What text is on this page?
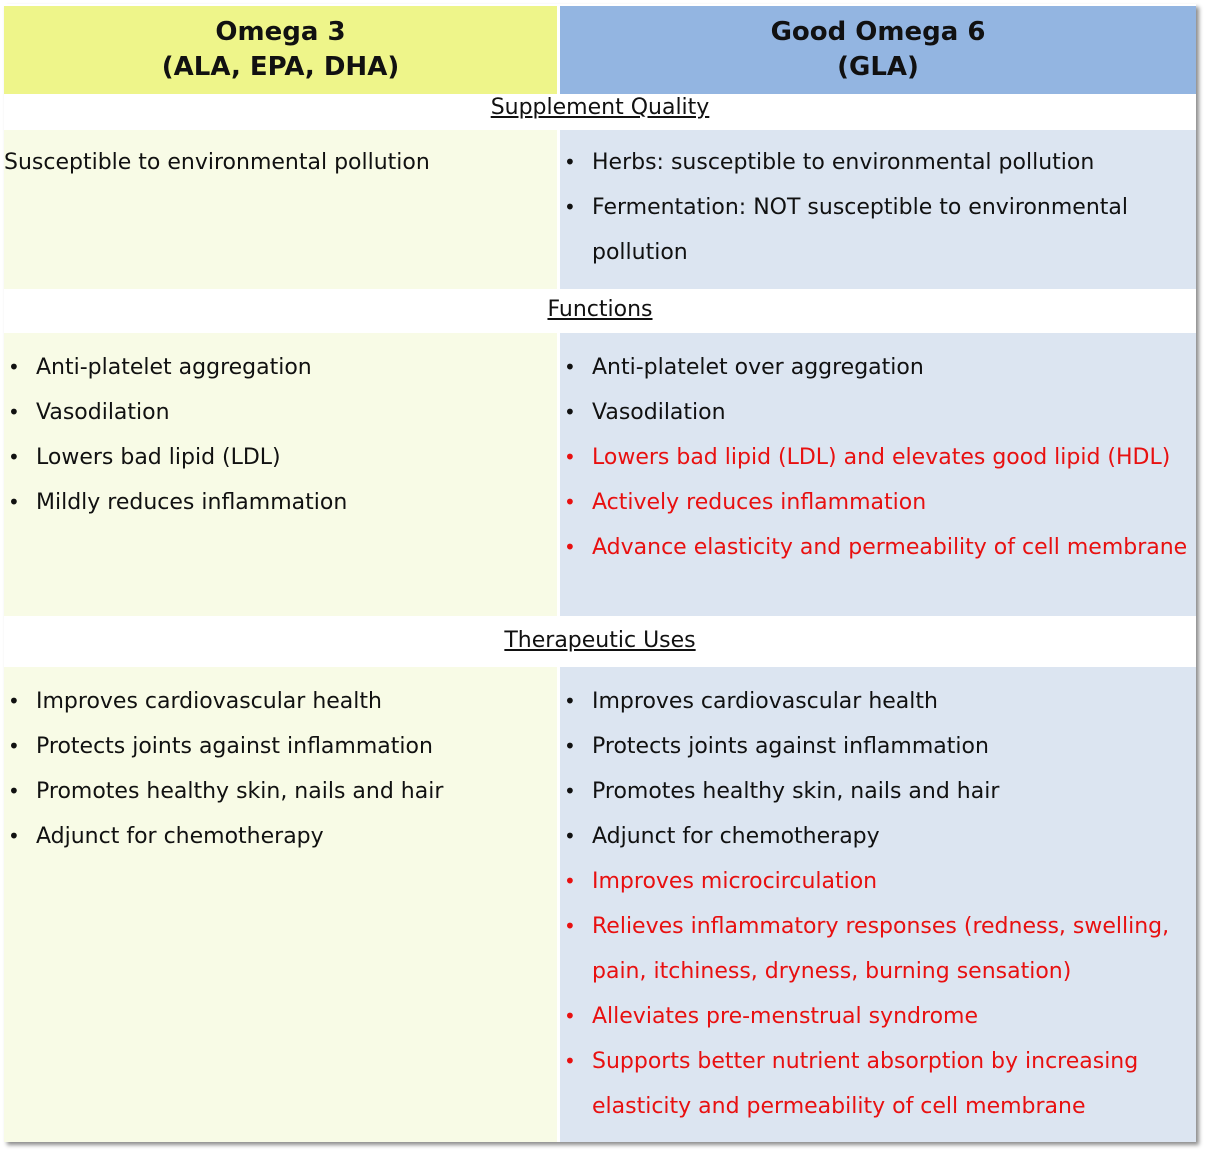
Omega 3
(ALA, EPA, DHA)
Good Omega 6
(GLA)
Supplement Quality
Susceptible to environmental pollution	• Herbs: susceptible to environmental pollution
• Fermentation: NOT susceptible to environmental pollution
Functions
• Anti-platelet aggregation
• Vasodilation
• Lowers bad lipid (LDL)
• Mildly reduces inflammation
• Anti-platelet over aggregation
• Vasodilation
• Lowers bad lipid (LDL) and elevates good lipid (HDL)
• Actively reduces inflammation
• Advance elasticity and permeability of cell membrane
Therapeutic Uses
• Improves cardiovascular health
• Protects joints against inflammation
• Promotes healthy skin, nails and hair
• Adjunct for chemotherapy
• Improves cardiovascular health
• Protects joints against inflammation
• Promotes healthy skin, nails and hair
• Adjunct for chemotherapy
• Improves microcirculation
• Relieves inflammatory responses (redness, swelling, pain, itchiness, dryness, burning sensation)
• Alleviates pre-menstrual syndrome
• Supports better nutrient absorption by increasing elasticity and permeability of cell membrane
